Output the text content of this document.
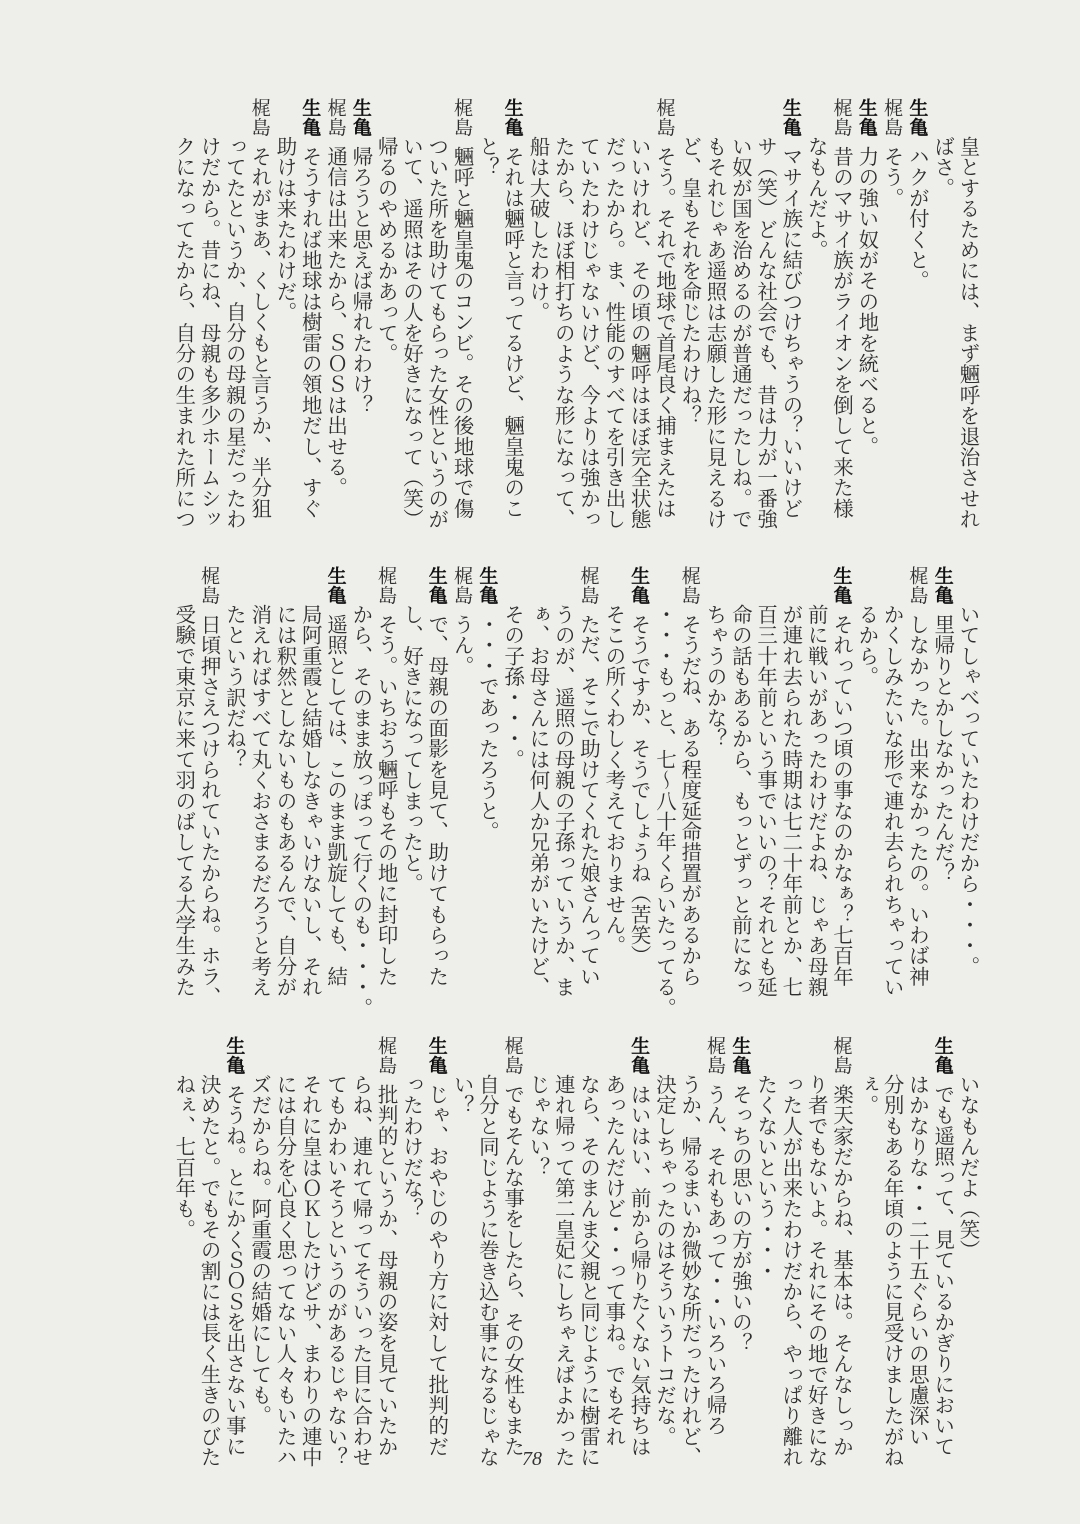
皇とするためには、まず魎呼を退治させれ
ばさ。
生亀ハクが付くと。
梶島そう。
生亀力の強い奴がその地を統べると。
梶島昔のマサイ族がライオンを倒して来た様
なもんだよ。
生亀マサイ族に結びつけちゃうの？いいけど
サ（笑）どんな社会でも、昔は力が一番強
い奴が国を治めるのが普通だったしね。で
もそれじゃあ遥照は志願した形に見えるけ
ど、皇もそれを命じたわけね？
梶島そう。それで地球で首尾良く捕まえたは
いいけれど、その頃の魎呼はほぼ完全状態
だったから。ま、性能のすべてを引き出し
ていたわけじゃないけど、今よりは強かっ
たから、ほぼ相打ちのような形になって、
船は大破したわけ。
生亀それは魎呼と言ってるけど、魎皇鬼のこ
と？
梶島魎呼と魎皇鬼のコンビ。その後地球で傷
ついた所を助けてもらった女性というのが
いて、遥照はその人を好きになって（笑）
帰るのやめるかあって。
生亀帰ろうと思えば帰れたわけ？
梶島通信は出来たから、ＳＯＳは出せる。
生亀そうすれば地球は樹雷の領地だし、すぐ
助けは来たわけだ。
梶島それがまあ、くしくもと言うか、半分狙
ってたというか、自分の母親の星だったわ
けだから。昔にね、母親も多少ホームシッ
クになってたから、自分の生まれた所につ
いてしゃべっていたわけだから・・・。
生亀里帰りとかしなかったんだ？
梶島しなかった。出来なかったの。いわば神
かくしみたいな形で連れ去られちゃってい
るから。
生亀それっていつ頃の事なのかなぁ？七百年
前に戦いがあったわけだよね、じゃあ母親
が連れ去られた時期は七二十年前とか、七
百三十年前という事でいいの？それとも延
命の話もあるから、もっとずっと前になっ
ちゃうのかな？
梶島そうだね、ある程度延命措置があるから
・・・もっと、七〜八十年くらいたってる。
生亀そうですか、そうでしょうね（苦笑）
そこの所くわしく考えておりません。
梶島ただ、そこで助けてくれた娘さんってい
うのが、遥照の母親の子孫っていうか、ま
ぁ、お母さんには何人か兄弟がいたけど、
その子孫・・・。
生亀・・・であったろうと。
梶島うん。
生亀で、母親の面影を見て、助けてもらった
し、好きになってしまったと。
梶島そう。いちおう魎呼もその地に封印した
から、そのまま放っぽって行くのも・・・。
生亀遥照としては、このまま凱旋しても、結
局阿重霞と結婚しなきゃいけないし、それ
には釈然としないものもあるんで、自分が
消えればすべて丸くおさまるだろうと考え
たという訳だね？
梶島日頃押さえつけられていたからね。ホラ、
受験で東京に来て羽のばしてる大学生みた
いなもんだよ（笑）
生亀でも遥照って、見ているかぎりにおいて
はかなりな・・二十五ぐらいの思慮深い
分別もある年頃のように見受けましたがね
ぇ。
梶島楽天家だからね、基本は。そんなしっか
り者でもないよ。それにその地で好きにな
った人が出来たわけだから、やっぱり離れ
たくないという・・・
生亀そっちの思いの方が強いの？
梶島うん、それもあって・・いろいろ帰ろ
うか、帰るまいか微妙な所だったけれど、
決定しちゃったのはそういうトコだな。
生亀はいはい、前から帰りたくない気持ちは
あったんだけど・・って事ね。でもそれ
なら、そのまんま父親と同じように樹雷に
連れ帰って第二皇妃にしちゃえばよかった
じゃない？
梶島でもそんな事をしたら、その女性もまた
自分と同じように巻き込む事になるじゃな
い？
生亀じゃ、おやじのやり方に対して批判的だ
ったわけだな？
梶島批判的というか、母親の姿を見ていたか
らね、連れて帰ってそういった目に合わせ
てもかわいそうというのがあるじゃない？
それに皇はＯＫしたけどサ、まわりの連中
には自分を心良く思ってない人々もいたハ
ズだからね。阿重霞の結婚にしても。
生亀そうね。とにかくＳＯＳを出さない事に
決めたと。でもその割には長く生きのびた
ねぇ、七百年も。
78
